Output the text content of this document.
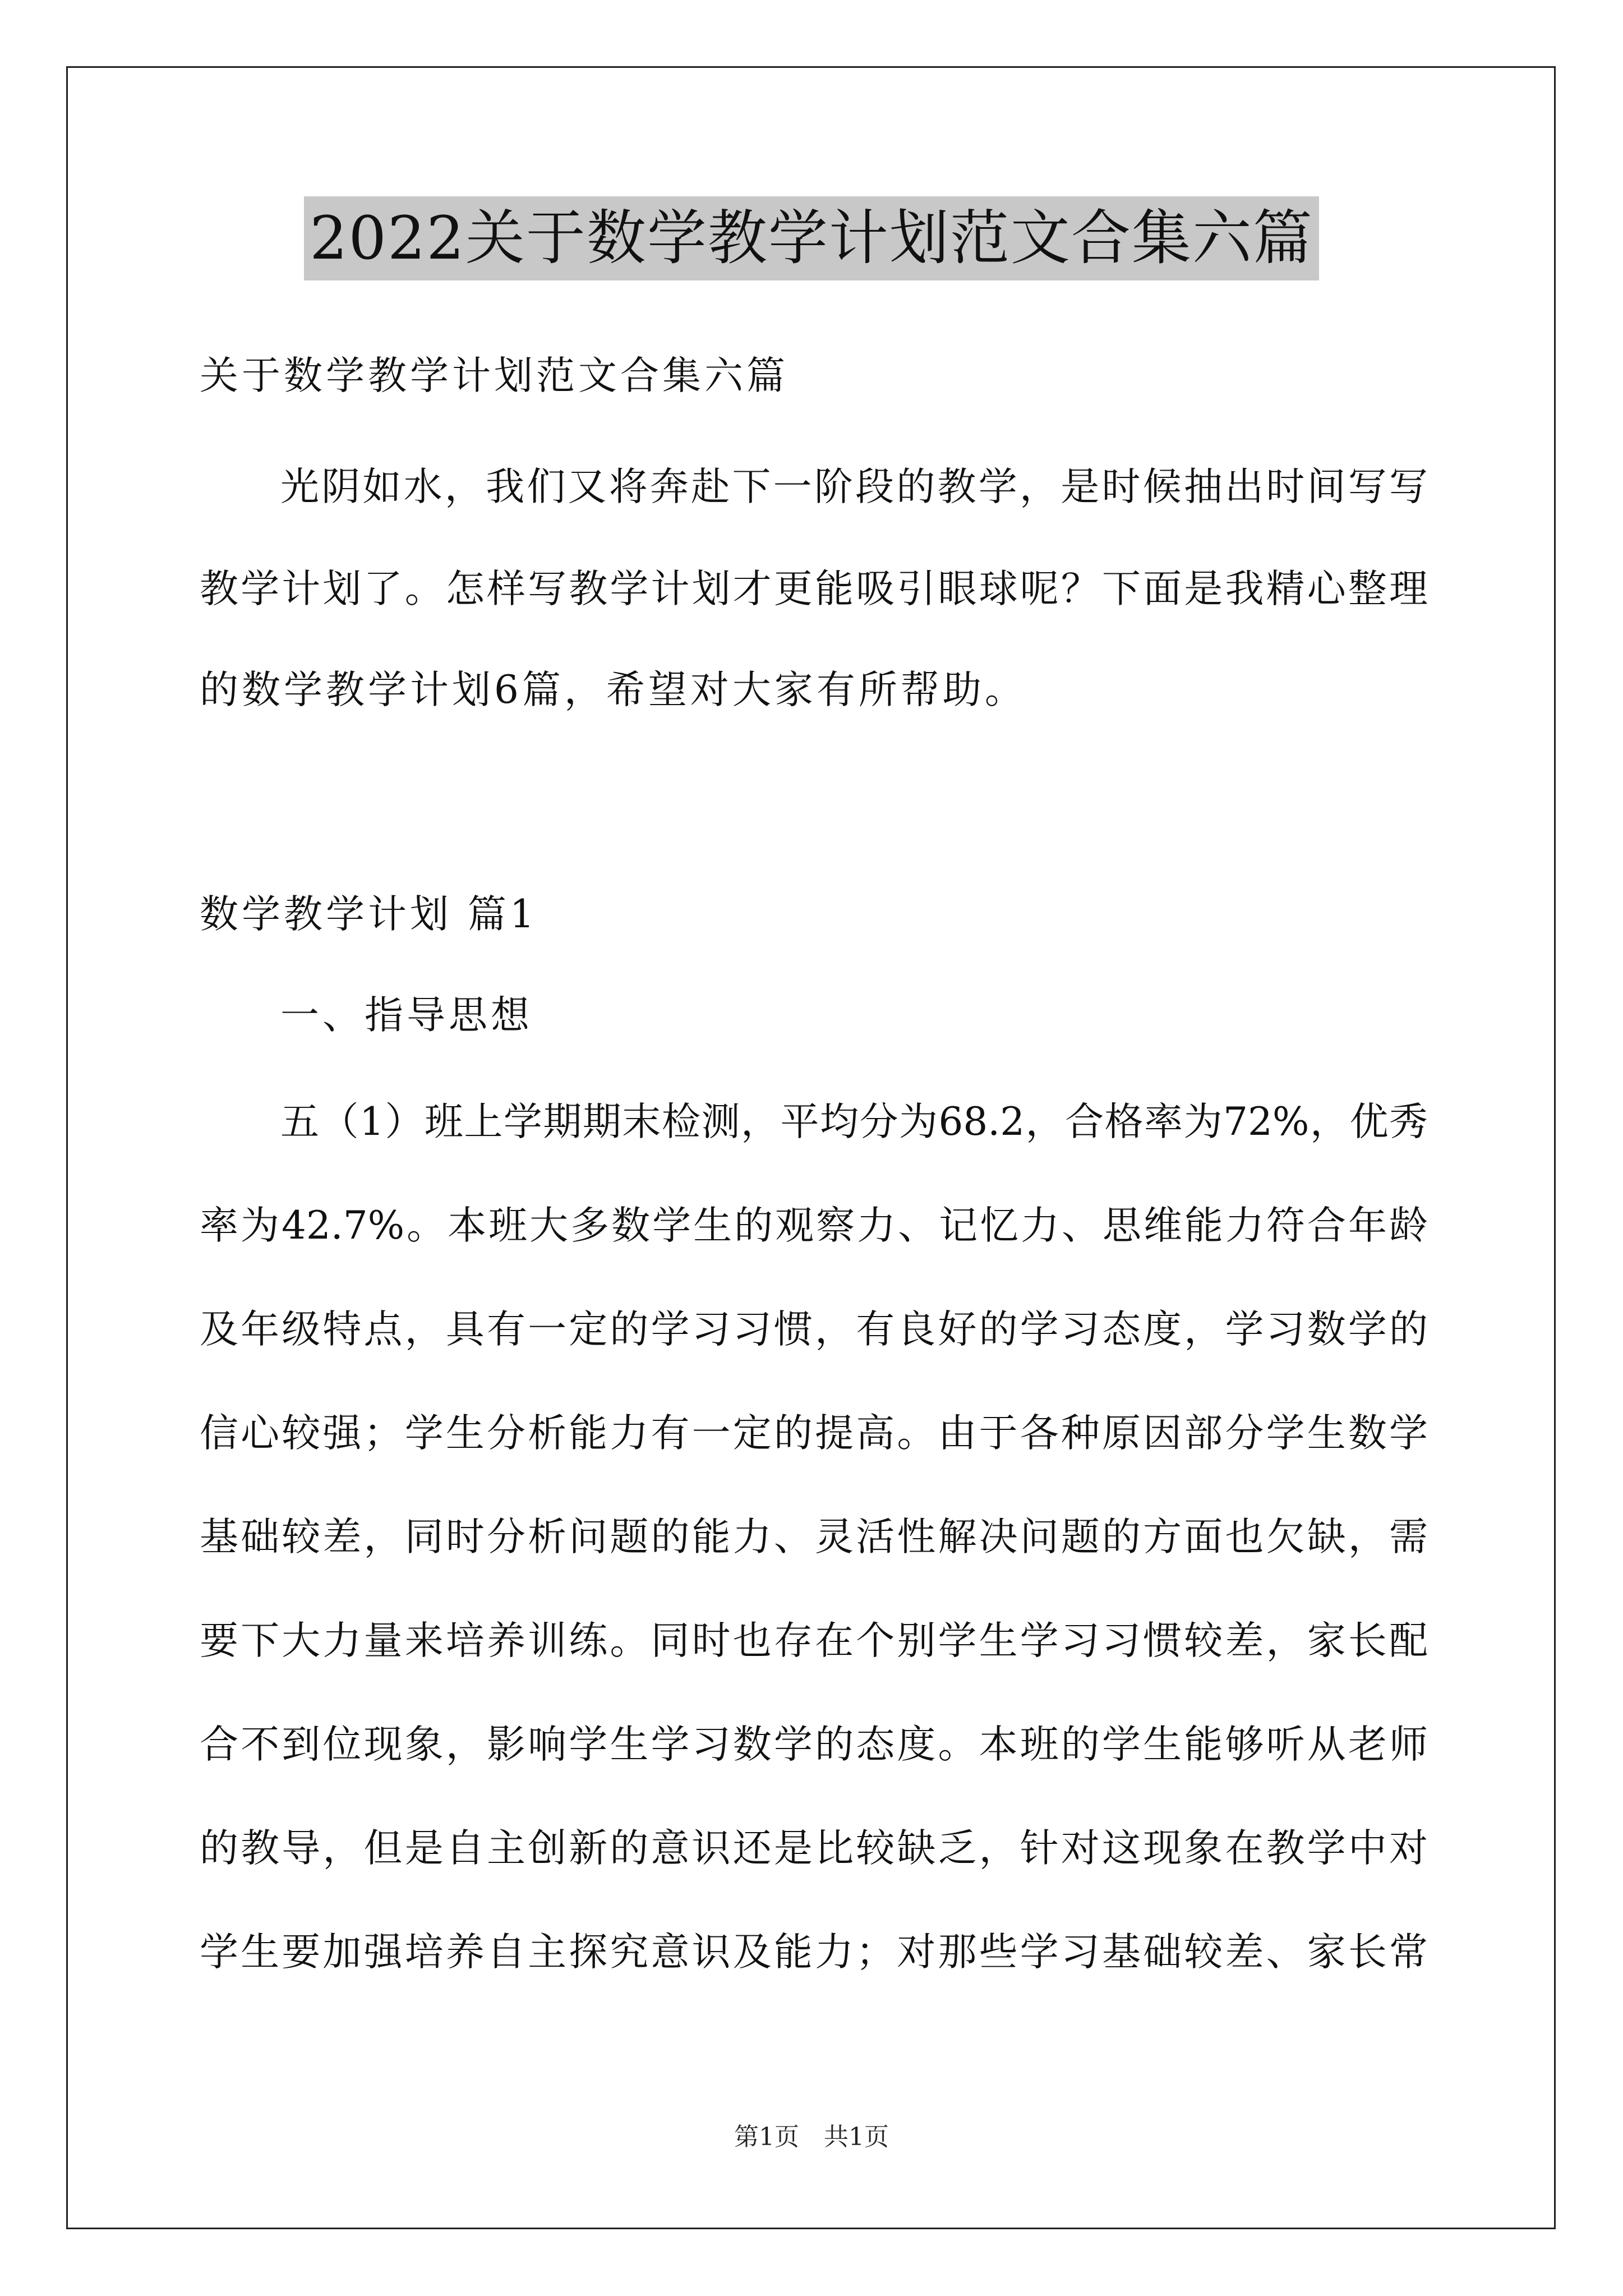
2022关于数学教学计划范文合集六篇
关于数学教学计划范文合集六篇
光阴如水，我们又将奔赴下一阶段的教学，是时候抽出时间写写
教学计划了。怎样写教学计划才更能吸引眼球呢？下面是我精心整理
的数学教学计划6篇，希望对大家有所帮助。
数学教学计划 篇1
一、指导思想
五（1）班上学期期末检测，平均分为68.2，合格率为72%，优秀
率为42.7%。本班大多数学生的观察力、记忆力、思维能力符合年龄
及年级特点，具有一定的学习习惯，有良好的学习态度，学习数学的
信心较强；学生分析能力有一定的提高。由于各种原因部分学生数学
基础较差，同时分析问题的能力、灵活性解决问题的方面也欠缺，需
要下大力量来培养训练。同时也存在个别学生学习习惯较差，家长配
合不到位现象，影响学生学习数学的态度。本班的学生能够听从老师
的教导，但是自主创新的意识还是比较缺乏，针对这现象在教学中对
学生要加强培养自主探究意识及能力；对那些学习基础较差、家长常
第1页　共1页
